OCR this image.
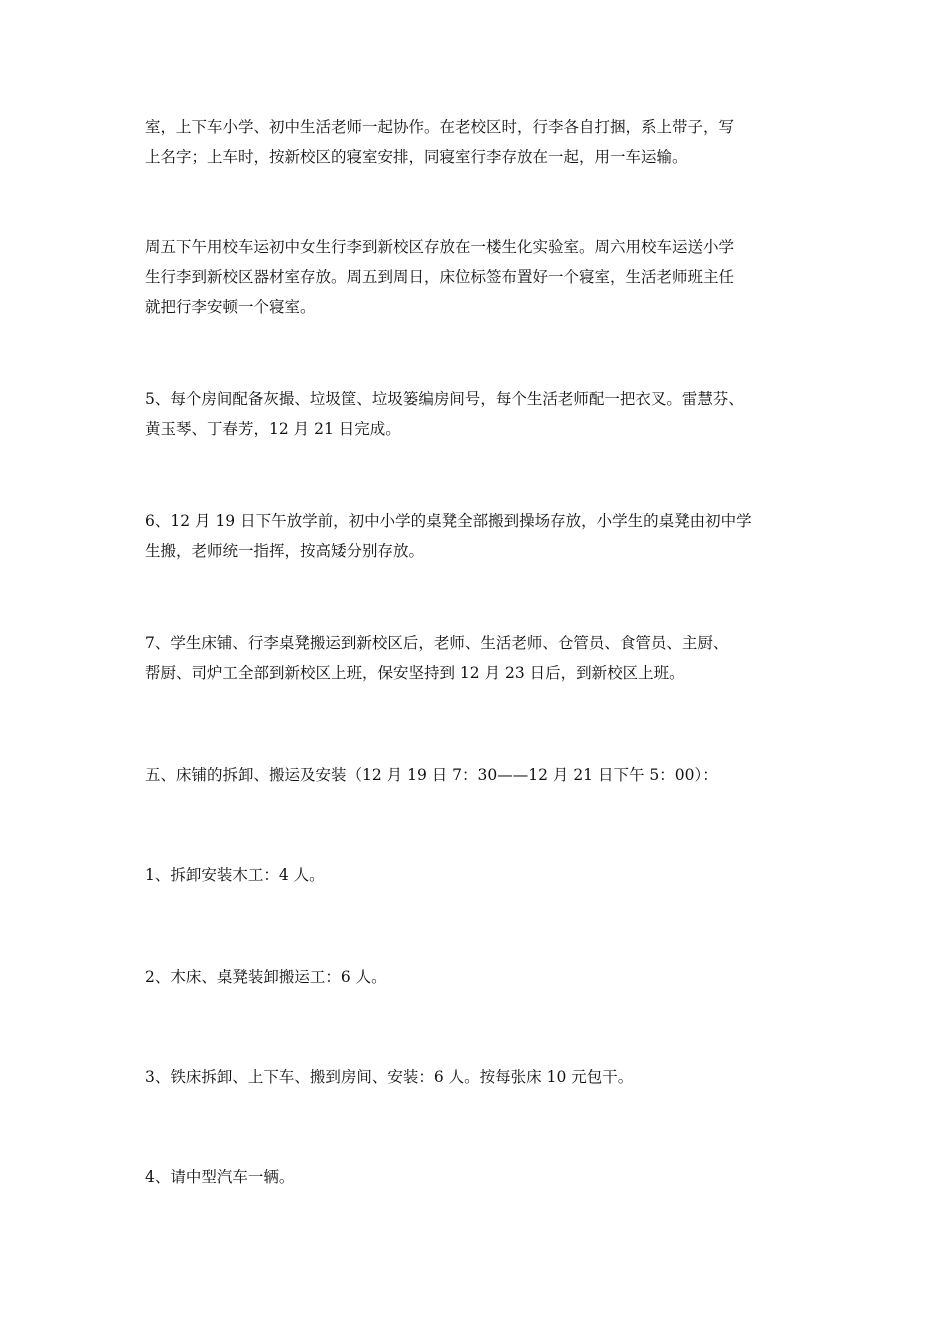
室，上下车小学、初中生活老师一起协作。在老校区时，行李各自打捆，系上带子，写
上名字；上车时，按新校区的寝室安排，同寝室行李存放在一起，用一车运输。

周五下午用校车运初中女生行李到新校区存放在一楼生化实验室。周六用校车运送小学
生行李到新校区器材室存放。周五到周日，床位标签布置好一个寝室，生活老师班主任
就把行李安顿一个寝室。

5、每个房间配备灰撮、垃圾筐、垃圾篓编房间号，每个生活老师配一把衣叉。雷慧芬、
黄玉琴、丁春芳，12 月 21 日完成。

6、12 月 19 日下午放学前，初中小学的桌凳全部搬到操场存放，小学生的桌凳由初中学
生搬，老师统一指挥，按高矮分别存放。

7、学生床铺、行李桌凳搬运到新校区后，老师、生活老师、仓管员、食管员、主厨、
帮厨、司炉工全部到新校区上班，保安坚持到 12 月 23 日后，到新校区上班。

五、床铺的拆卸、搬运及安装（12 月 19 日 7：30——12 月 21 日下午 5：00）：

1、拆卸安装木工：4 人。

2、木床、桌凳装卸搬运工：6 人。

3、铁床拆卸、上下车、搬到房间、安装：6 人。按每张床 10 元包干。

4、请中型汽车一辆。
